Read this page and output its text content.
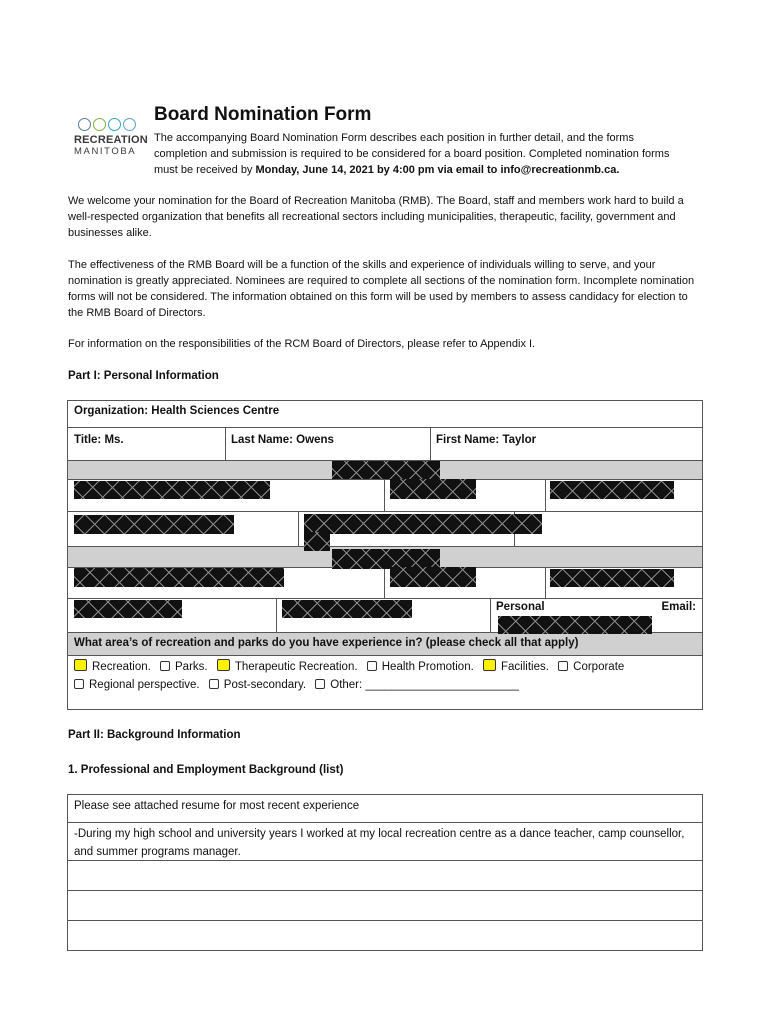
RECREATION
MANITOBA
Board Nomination Form
The accompanying Board Nomination Form describes each position in further detail, and the forms completion and submission is required to be considered for a board position. Completed nomination forms must be received by Monday, June 14, 2021 by 4:00 pm via email to info@recreationmb.ca.
We welcome your nomination for the Board of Recreation Manitoba (RMB). The Board, staff and members work hard to build a well-respected organization that benefits all recreational sectors including municipalities, therapeutic, facility, government and businesses alike.
The effectiveness of the RMB Board will be a function of the skills and experience of individuals willing to serve, and your nomination is greatly appreciated. Nominees are required to complete all sections of the nomination form. Incomplete nomination forms will not be considered. The information obtained on this form will be used by members to assess candidacy for election to the RMB Board of Directors.
For information on the responsibilities of the RCM Board of Directors, please refer to Appendix I.
Part I: Personal Information
Organization: Health Sciences Centre
Title: Ms.	Last Name: Owens	First Name: Taylor
Personal	Email:
What area’s of recreation and parks do you have experience in? (please check all that apply)
Recreation. Parks. Therapeutic Recreation. Health Promotion. Facilities. Corporate
Regional perspective. Post-secondary. Other: ________________________
Part II: Background Information
1. Professional and Employment Background (list)
Please see attached resume for most recent experience
-During my high school and university years I worked at my local recreation centre as a dance teacher, camp counsellor, and summer programs manager.
